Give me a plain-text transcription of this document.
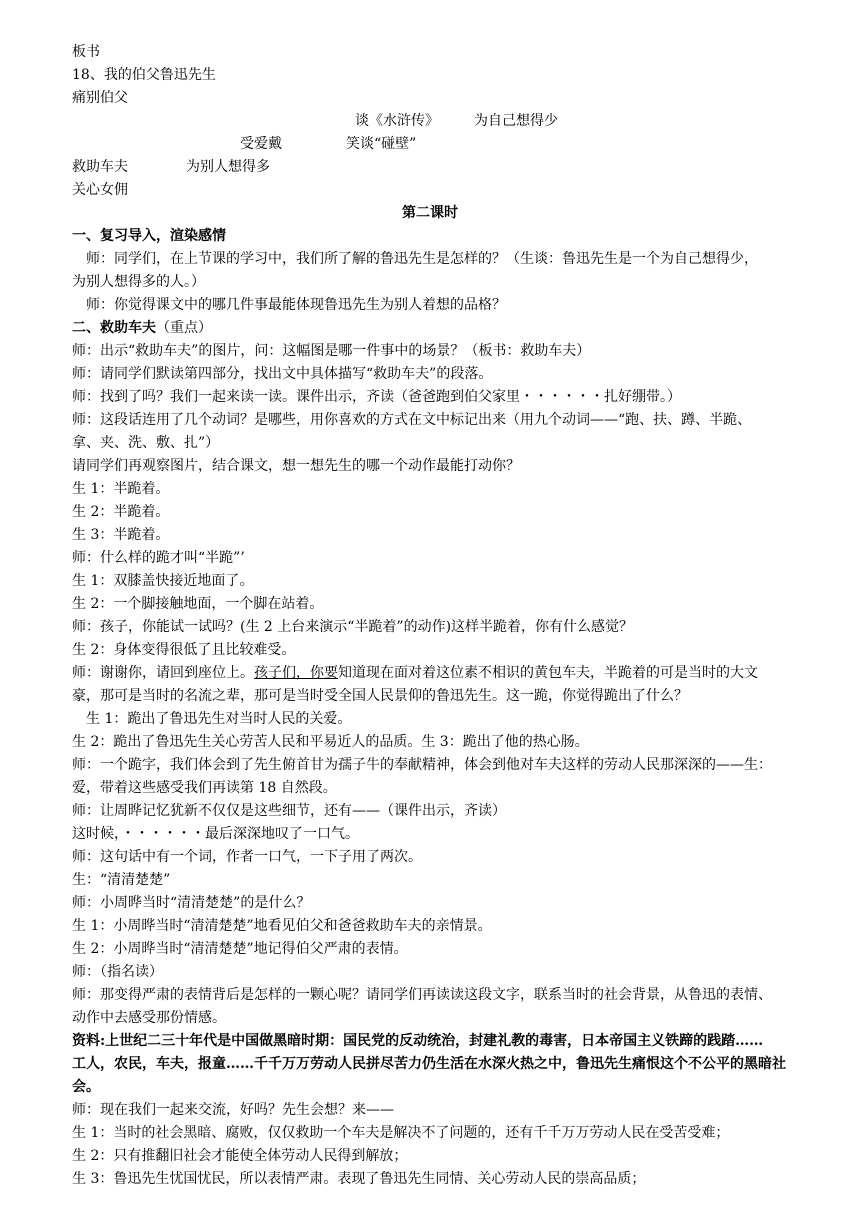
板书
18、我的伯父鲁迅先生
痛别伯父
谈《水浒传》	为自己想得少
受爱戴	笑谈“碰壁”
救助车夫	为别人想得多
关心女佣
第二课时
一、复习导入，渲染感情
师：同学们，在上节课的学习中，我们所了解的鲁迅先生是怎样的？（生谈：鲁迅先生是一个为自己想得少，
为别人想得多的人。）
师：你觉得课文中的哪几件事最能体现鲁迅先生为别人着想的品格？
二、救助车夫（重点）
师：出示“救助车夫”的图片，问：这幅图是哪一件事中的场景？（板书：救助车夫）
师：请同学们默读第四部分，找出文中具体描写“救助车夫”的段落。
师：找到了吗？我们一起来读一读。课件出示，齐读（爸爸跑到伯父家里・・・・・・扎好绷带。）
师：这段话连用了几个动词？是哪些，用你喜欢的方式在文中标记出来（用九个动词——“跑、扶、蹲、半跪、
拿、夹、洗、敷、扎”）
请同学们再观察图片，结合课文，想一想先生的哪一个动作最能打动你？
生 1：半跪着。
生 2：半跪着。
生 3：半跪着。
师：什么样的跪才叫“半跪”’
生 1：双膝盖快接近地面了。
生 2：一个脚接触地面，一个脚在站着。
师：孩子，你能试一试吗？(生 2 上台来演示“半跪着”的动作)这样半跪着，你有什么感觉？
生 2：身体变得很低了且比较难受。
师：谢谢你，请回到座位上。孩子们，你要知道现在面对着这位素不相识的黄包车夫，半跪着的可是当时的大文
豪，那可是当时的名流之辈，那可是当时受全国人民景仰的鲁迅先生。这一跪，你觉得跪出了什么？
生 1：跪出了鲁迅先生对当时人民的关爱。
生 2：跪出了鲁迅先生关心劳苦人民和平易近人的品质。生 3：跪出了他的热心肠。
师：一个跪字，我们体会到了先生俯首甘为孺子牛的奉献精神，体会到他对车夫这样的劳动人民那深深的——生：
爱，带着这些感受我们再读第 18 自然段。
师：让周晔记忆犹新不仅仅是这些细节，还有——（课件出示，齐读）
这时候，・・・・・・最后深深地叹了一口气。
师：这句话中有一个词，作者一口气，一下子用了两次。
生：“清清楚楚”
师：小周晔当时“清清楚楚”的是什么？
生 1：小周晔当时“清清楚楚”地看见伯父和爸爸救助车夫的亲情景。
生 2：小周晔当时“清清楚楚”地记得伯父严肃的表情。
师：（指名读）
师：那变得严肃的表情背后是怎样的一颗心呢？请同学们再读读这段文字，联系当时的社会背景，从鲁迅的表情、
动作中去感受那份情感。
资料:上世纪二三十年代是中国做黑暗时期：国民党的反动统治，封建礼教的毒害，日本帝国主义铁蹄的践踏……
工人，农民，车夫，报童……千千万万劳动人民拼尽苦力仍生活在水深火热之中，鲁迅先生痛恨这个不公平的黑暗社
会。
师：现在我们一起来交流，好吗？先生会想？来——
生 1：当时的社会黑暗、腐败，仅仅救助一个车夫是解决不了问题的，还有千千万万劳动人民在受苦受难；
生 2：只有推翻旧社会才能使全体劳动人民得到解放；
生 3：鲁迅先生忧国忧民，所以表情严肃。表现了鲁迅先生同情、关心劳动人民的崇高品质；
